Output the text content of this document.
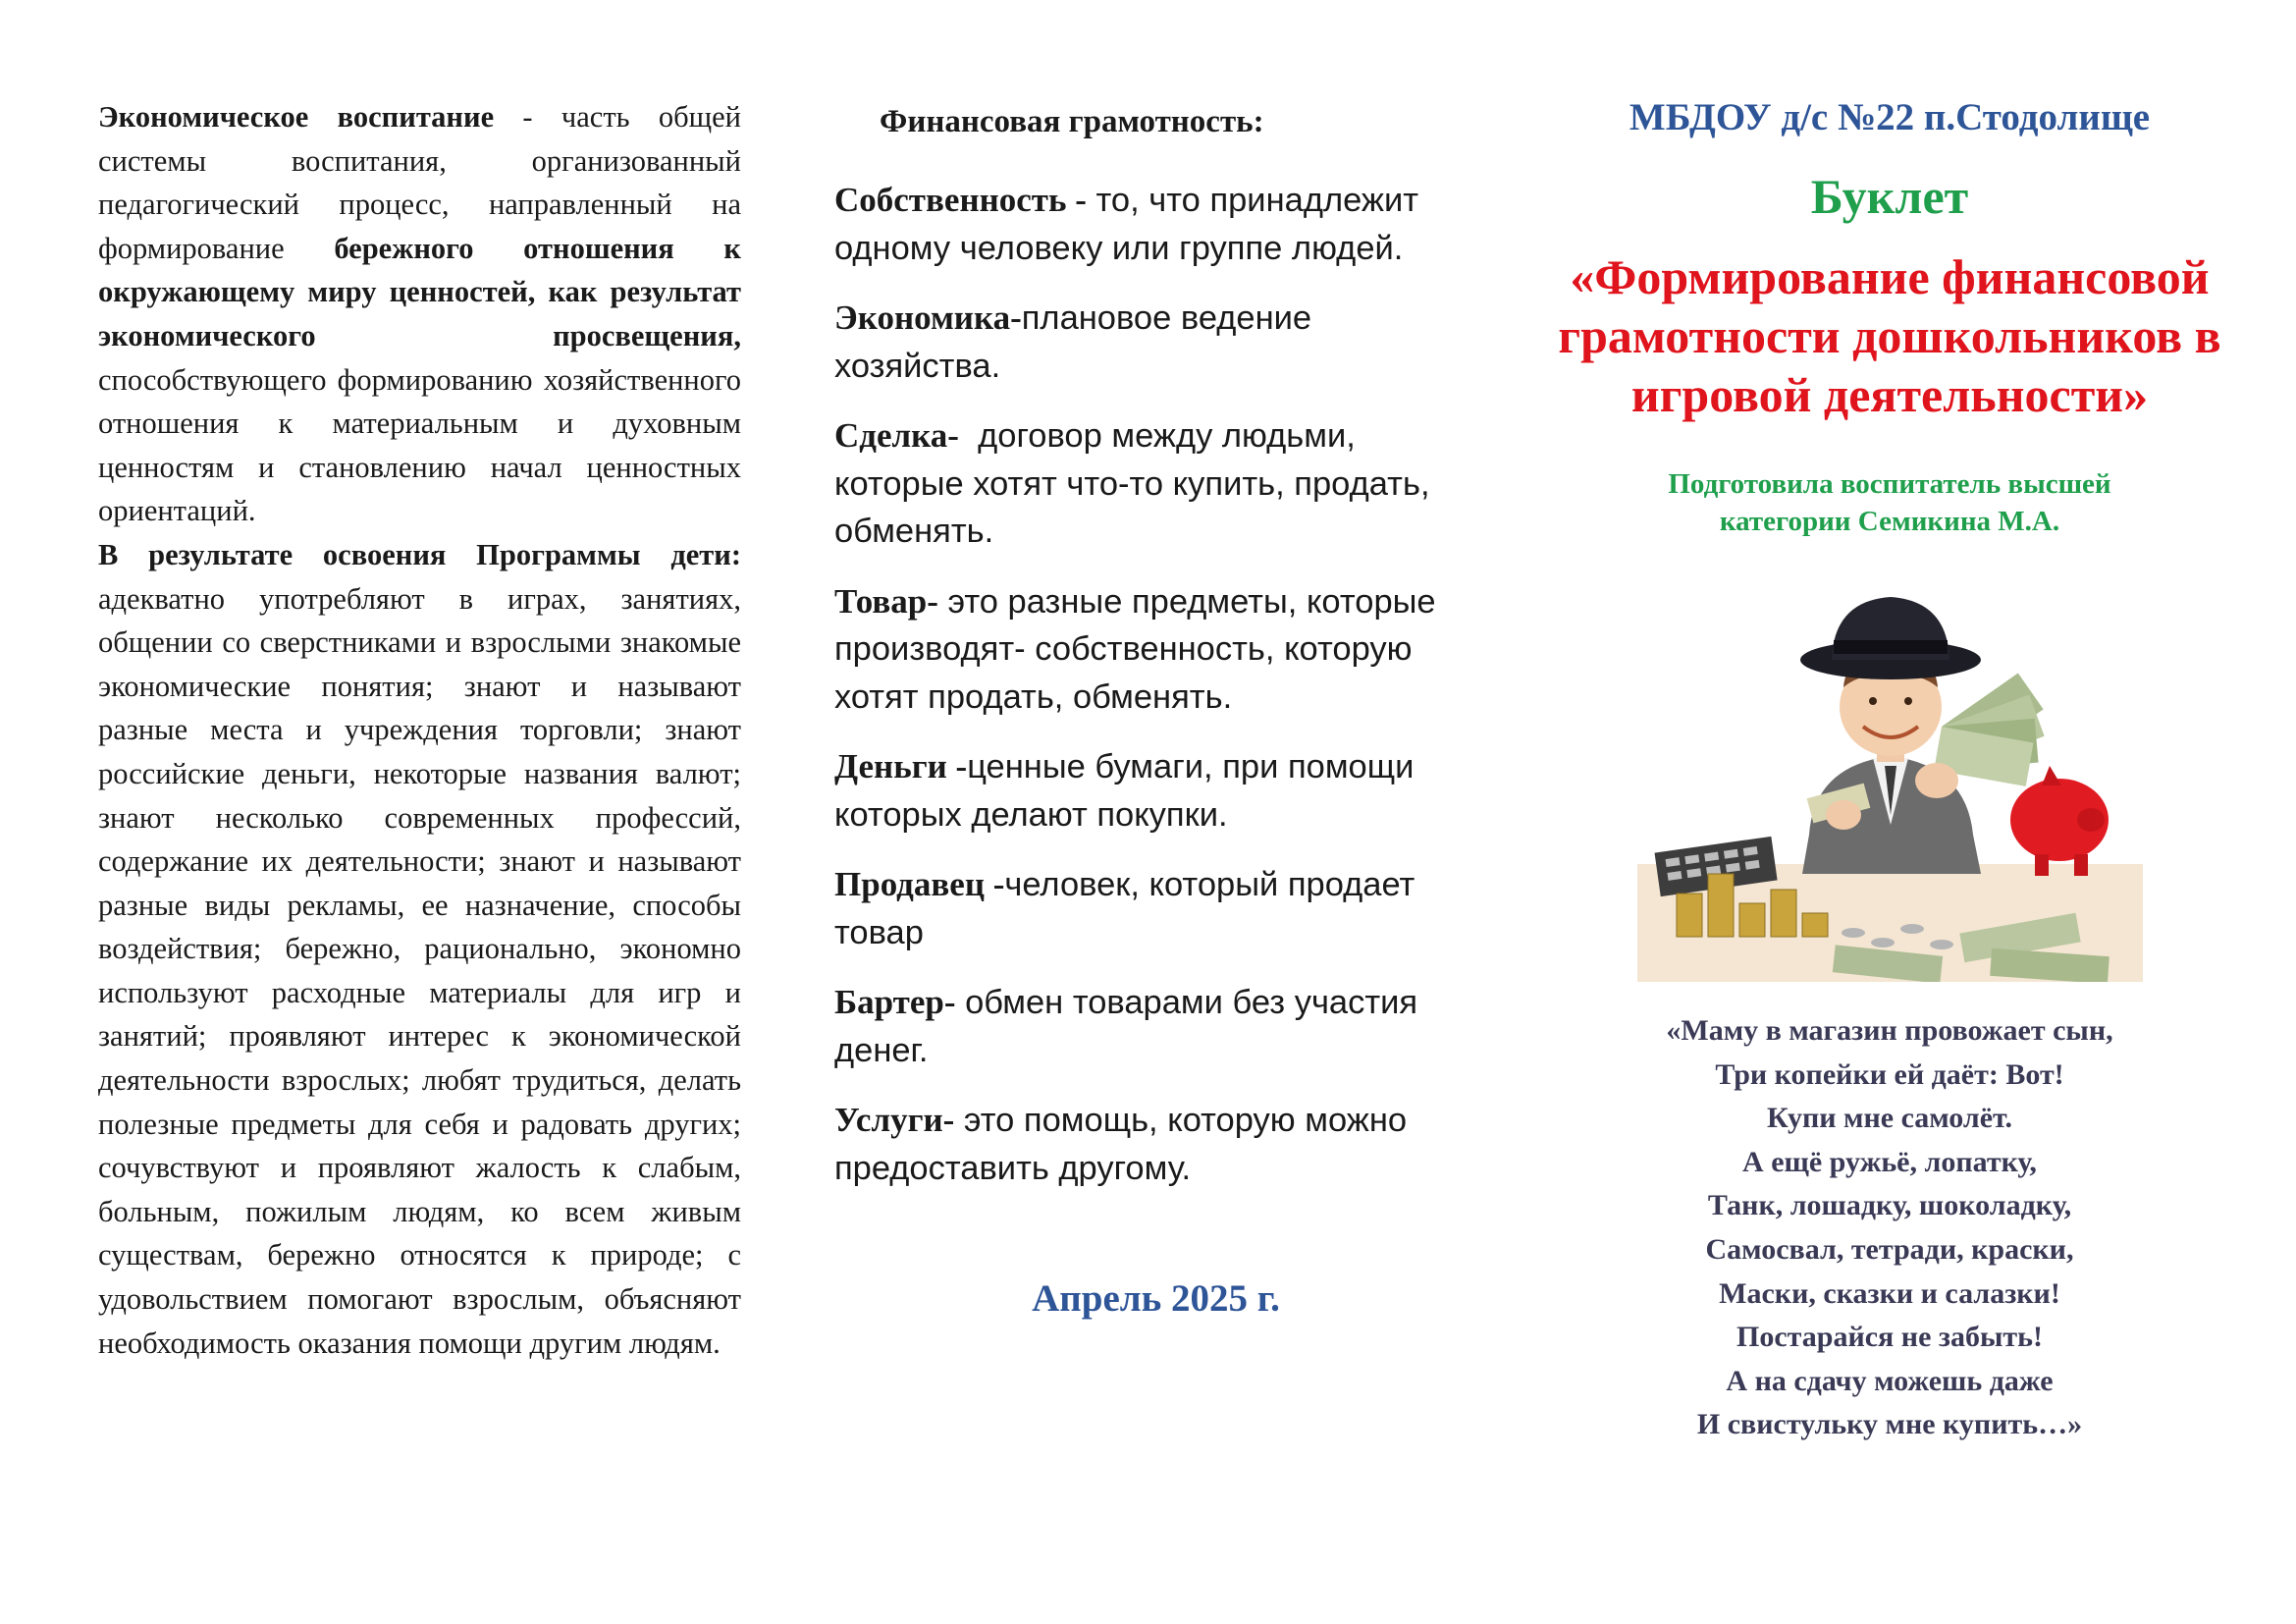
Экономическое воспитание - часть общей системы воспитания, организованный педагогический процесс, направленный на формирование бережного отношения к окружающему миру ценностей, как результат экономического просвещения, способствующего формированию хозяйственного отношения к материальным и духовным ценностям и становлению начал ценностных ориентаций.

В результате освоения Программы дети: адекватно употребляют в играх, занятиях, общении со сверстниками и взрослыми знакомые экономические понятия; знают и называют разные места и учреждения торговли; знают российские деньги, некоторые названия валют; знают несколько современных профессий, содержание их деятельности; знают и называют разные виды рекламы, ее назначение, способы воздействия; бережно, рационально, экономно используют расходные материалы для игр и занятий; проявляют интерес к экономической деятельности взрослых; любят трудиться, делать полезные предметы для себя и радовать других; сочувствуют и проявляют жалость к слабым, больным, пожилым людям, ко всем живым существам, бережно относятся к природе; с удовольствием помогают взрослым, объясняют необходимость оказания помощи другим людям.

Финансовая грамотность:

Собственность - то, что принадлежит одному человеку или группе людей.

Экономика-плановое ведение хозяйства.

Сделка-  договор между людьми, которые хотят что-то купить, продать, обменять.

Товар- это разные предметы, которые производят- собственность, которую хотят продать, обменять.

Деньги -ценные бумаги, при помощи которых делают покупки.

Продавец -человек, который продает товар

Бартер- обмен товарами без участия денег.

Услуги- это помощь, которую можно предоставить другому.

Апрель 2025 г.
МБДОУ д/с №22 п.Стодолище
Буклет
«Формирование финансовой грамотности дошкольников в игровой деятельности»
Подготовила воспитатель высшей
категории Семикина М.А.
«Маму в магазин провожает сын,
Три копейки ей даёт: Вот!
Купи мне самолёт.
А ещё ружьё, лопатку,
Танк, лошадку, шоколадку,
Самосвал, тетради, краски,
Маски, сказки и салазки!
Постарайся не забыть!
А на сдачу можешь даже
И свистульку мне купить…»
